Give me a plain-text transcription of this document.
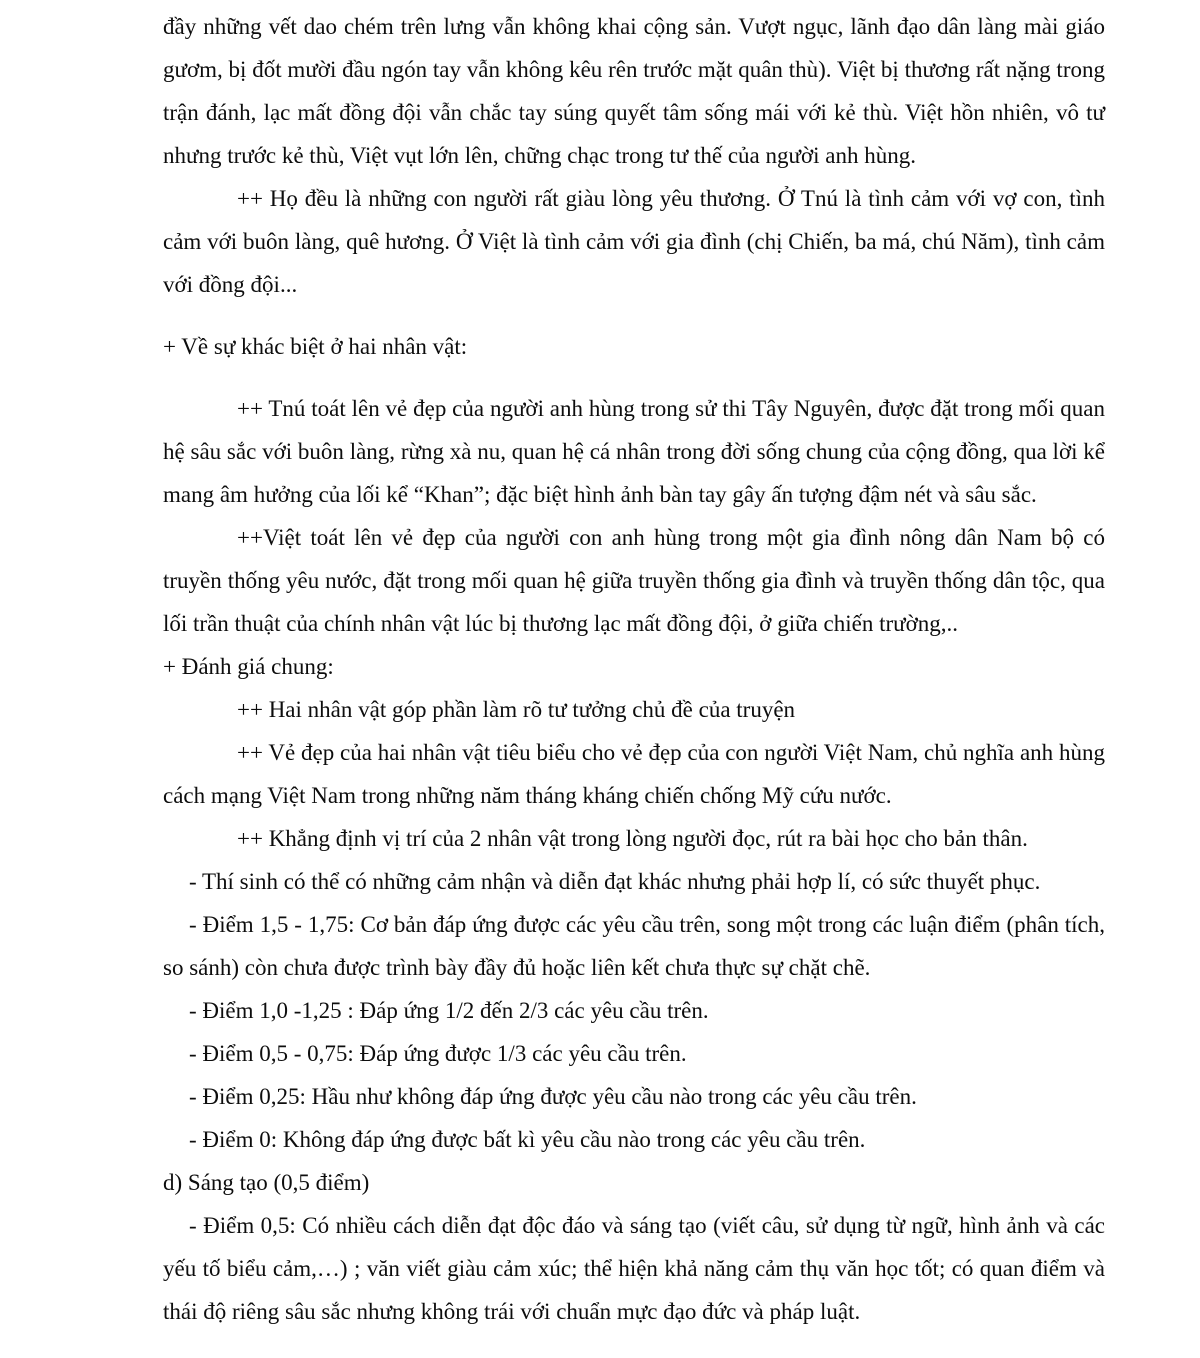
đầy những vết dao chém trên lưng vẫn không khai cộng sản. Vượt ngục, lãnh đạo dân làng mài giáo gươm, bị đốt mười đầu ngón tay vẫn không kêu rên trước mặt quân thù). Việt bị thương rất nặng trong trận đánh, lạc mất đồng đội vẫn chắc tay súng quyết tâm sống mái với kẻ thù. Việt hồn nhiên, vô tư nhưng trước kẻ thù, Việt vụt lớn lên, chững chạc trong tư thế của người anh hùng.

++ Họ đều là những con người rất giàu lòng yêu thương. Ở Tnú là tình cảm với vợ con, tình cảm với buôn làng, quê hương. Ở Việt là tình cảm với gia đình (chị Chiến, ba má, chú Năm), tình cảm với đồng đội...

+ Về sự khác biệt ở hai nhân vật:

++ Tnú toát lên vẻ đẹp của người anh hùng trong sử thi Tây Nguyên, được đặt trong mối quan hệ sâu sắc với buôn làng, rừng xà nu, quan hệ cá nhân trong đời sống chung của cộng đồng, qua lời kể mang âm hưởng của lối kể “Khan”; đặc biệt hình ảnh bàn tay gây ấn tượng đậm nét và sâu sắc.

++Việt toát lên vẻ đẹp của người con anh hùng trong một gia đình nông dân Nam bộ có truyền thống yêu nước, đặt trong mối quan hệ giữa truyền thống gia đình và truyền thống dân tộc, qua lối trần thuật của chính nhân vật lúc bị thương lạc mất đồng đội, ở giữa chiến trường,..

+ Đánh giá chung:

++ Hai nhân vật góp phần làm rõ tư tưởng chủ đề của truyện

++ Vẻ đẹp của hai nhân vật tiêu biểu cho vẻ đẹp của con người Việt Nam, chủ nghĩa anh hùng cách mạng Việt Nam trong những năm tháng kháng chiến chống Mỹ cứu nước.

++ Khẳng định vị trí của 2 nhân vật trong lòng người đọc, rút ra bài học cho bản thân.

- Thí sinh có thể có những cảm nhận và diễn đạt khác nhưng phải hợp lí, có sức thuyết phục.

- Điểm 1,5 - 1,75: Cơ bản đáp ứng được các yêu cầu trên, song một trong các luận điểm (phân tích, so sánh) còn chưa được trình bày đầy đủ hoặc liên kết chưa thực sự chặt chẽ.

- Điểm 1,0 -1,25 : Đáp ứng 1/2 đến 2/3 các yêu cầu trên.

- Điểm 0,5 - 0,75: Đáp ứng được 1/3 các yêu cầu trên.

- Điểm 0,25: Hầu như không đáp ứng được yêu cầu nào trong các yêu cầu trên.

- Điểm 0: Không đáp ứng được bất kì yêu cầu nào trong các yêu cầu trên.

d) Sáng tạo (0,5 điểm)

- Điểm 0,5: Có nhiều cách diễn đạt độc đáo và sáng tạo (viết câu, sử dụng từ ngữ, hình ảnh và các yếu tố biểu cảm,…) ; văn viết giàu cảm xúc; thể hiện khả năng cảm thụ văn học tốt; có quan điểm và thái độ riêng sâu sắc nhưng không trái với chuẩn mực đạo đức và pháp luật.
